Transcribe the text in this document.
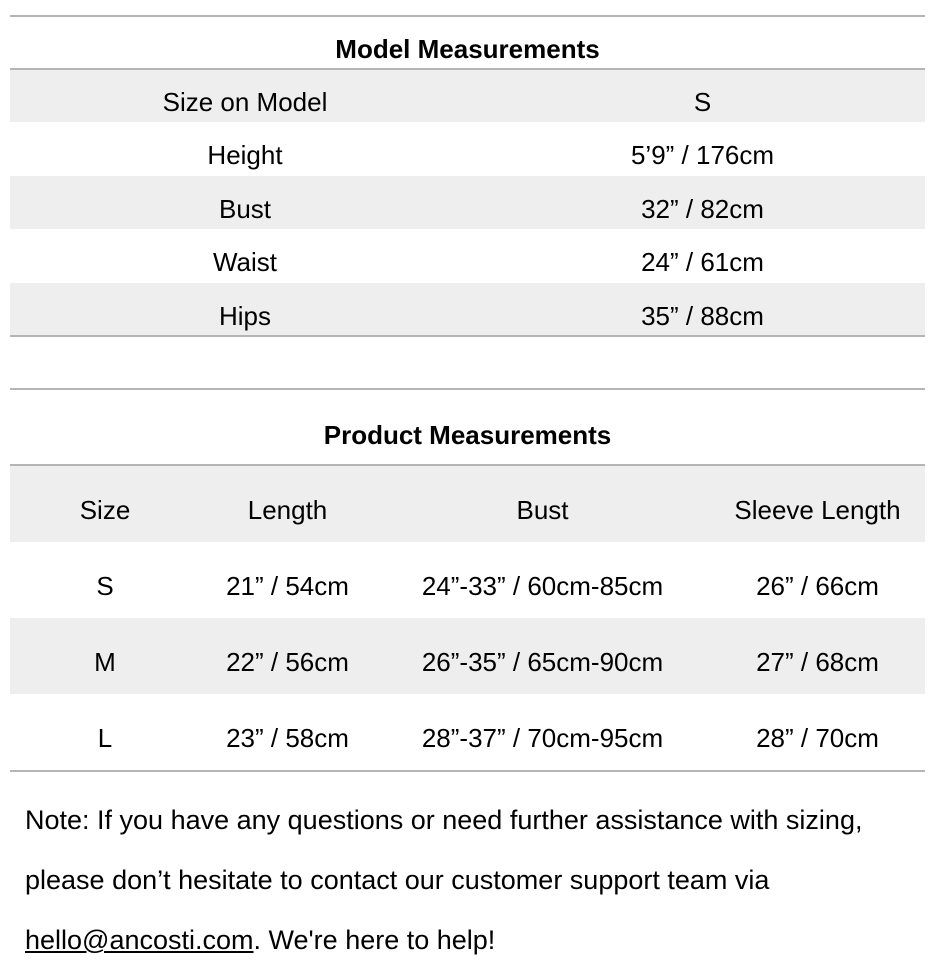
Model Measurements
Size on Model	S
Height	5’9” / 176cm
Bust	32” / 82cm
Waist	24” / 61cm
Hips	35” / 88cm
Product Measurements
Size	Length	Bust	Sleeve Length
S	21” / 54cm	24”-33” / 60cm-85cm	26” / 66cm
M	22” / 56cm	26”-35” / 65cm-90cm	27” / 68cm
L	23” / 58cm	28”-37” / 70cm-95cm	28” / 70cm
Note: If you have any questions or need further assistance with sizing, please don’t hesitate to contact our customer support team via hello@ancosti.com. We're here to help!
